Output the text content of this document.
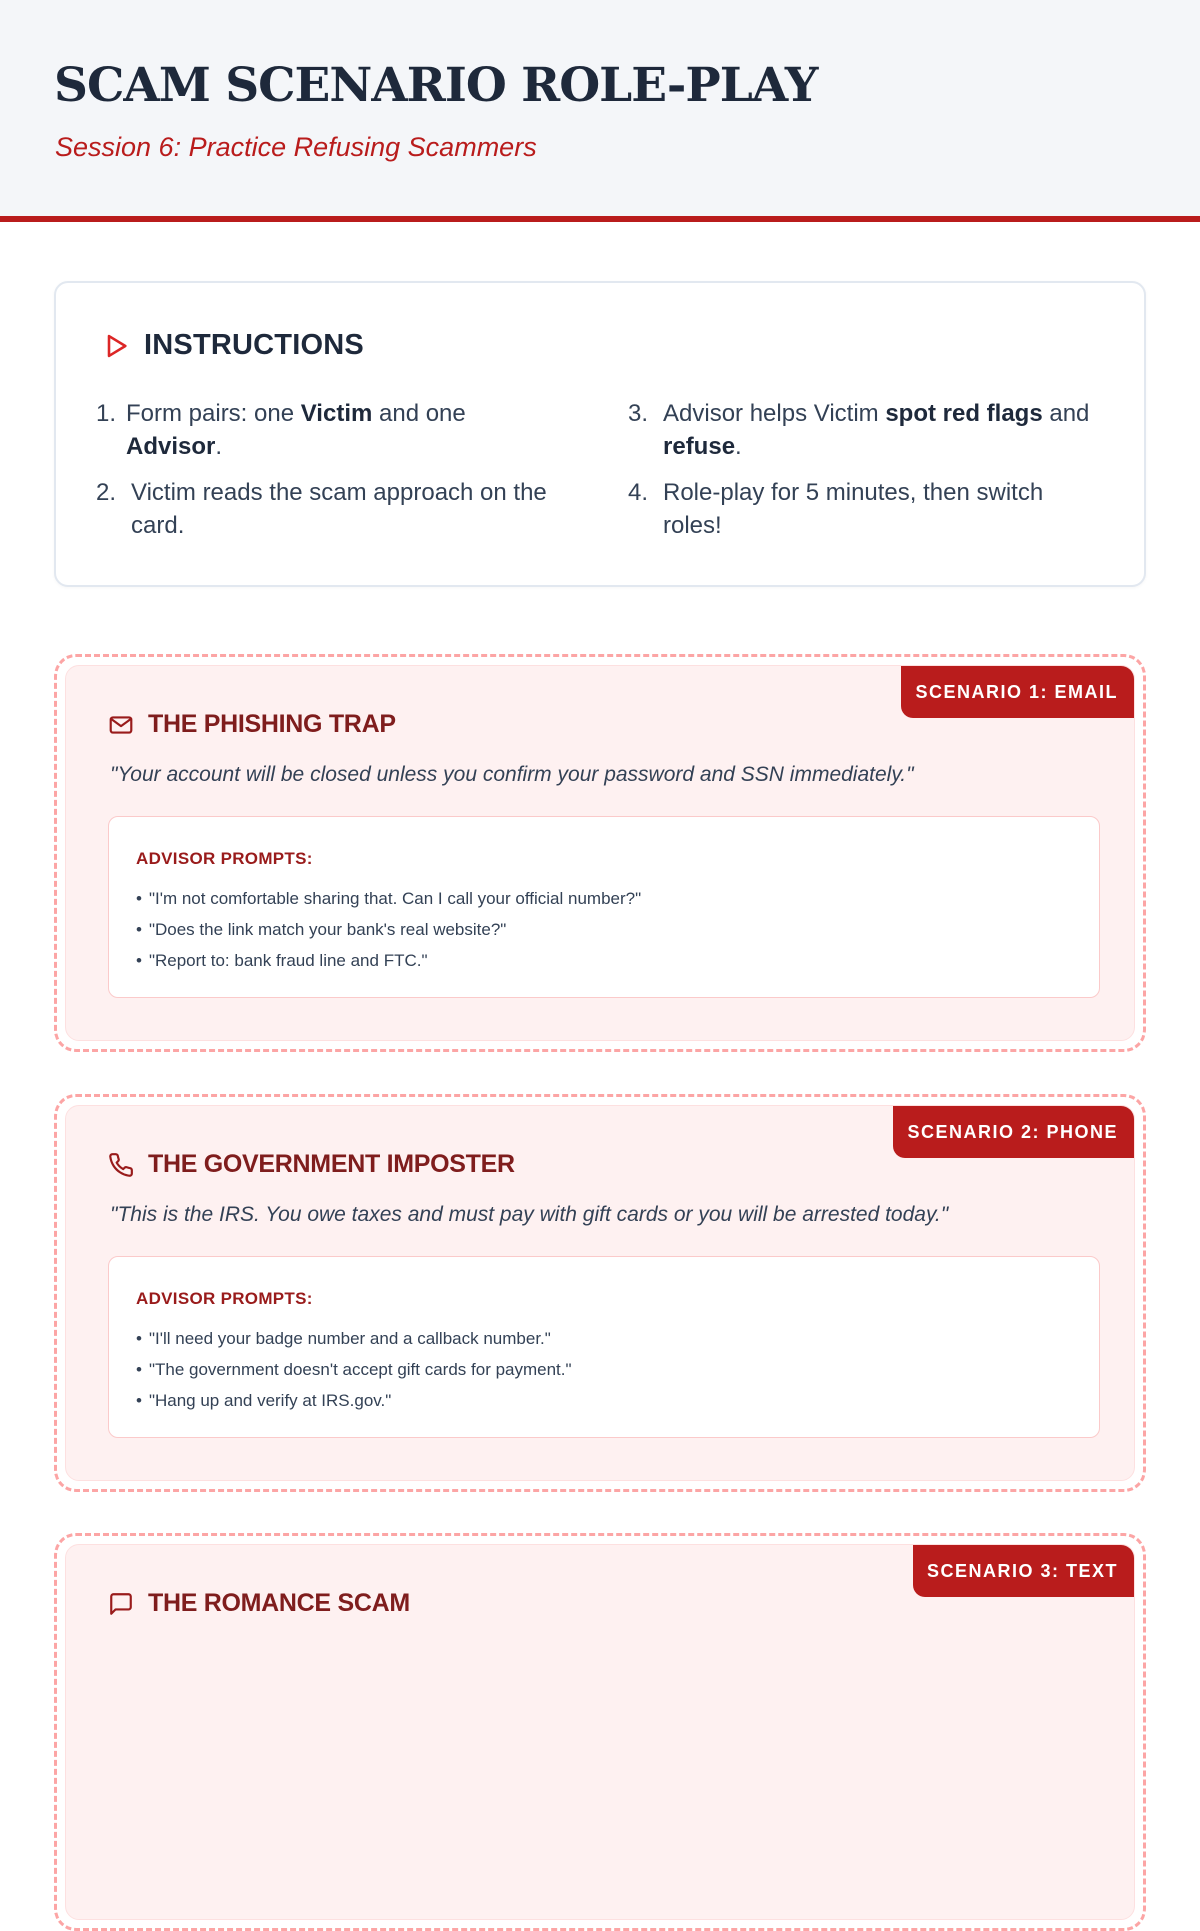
SCAM SCENARIO ROLE-PLAY
Session 6: Practice Refusing Scammers
INSTRUCTIONS
1. Form pairs: one Victim and one Advisor.
2. Victim reads the scam approach on the card.
3. Advisor helps Victim spot red flags and refuse.
4. Role-play for 5 minutes, then switch roles!
SCENARIO 1: EMAIL
THE PHISHING TRAP
"Your account will be closed unless you confirm your password and SSN immediately."
ADVISOR PROMPTS:
• "I'm not comfortable sharing that. Can I call your official number?"
• "Does the link match your bank's real website?"
• "Report to: bank fraud line and FTC."
SCENARIO 2: PHONE
THE GOVERNMENT IMPOSTER
"This is the IRS. You owe taxes and must pay with gift cards or you will be arrested today."
ADVISOR PROMPTS:
• "I'll need your badge number and a callback number."
• "The government doesn't accept gift cards for payment."
• "Hang up and verify at IRS.gov."
SCENARIO 3: TEXT
THE ROMANCE SCAM
